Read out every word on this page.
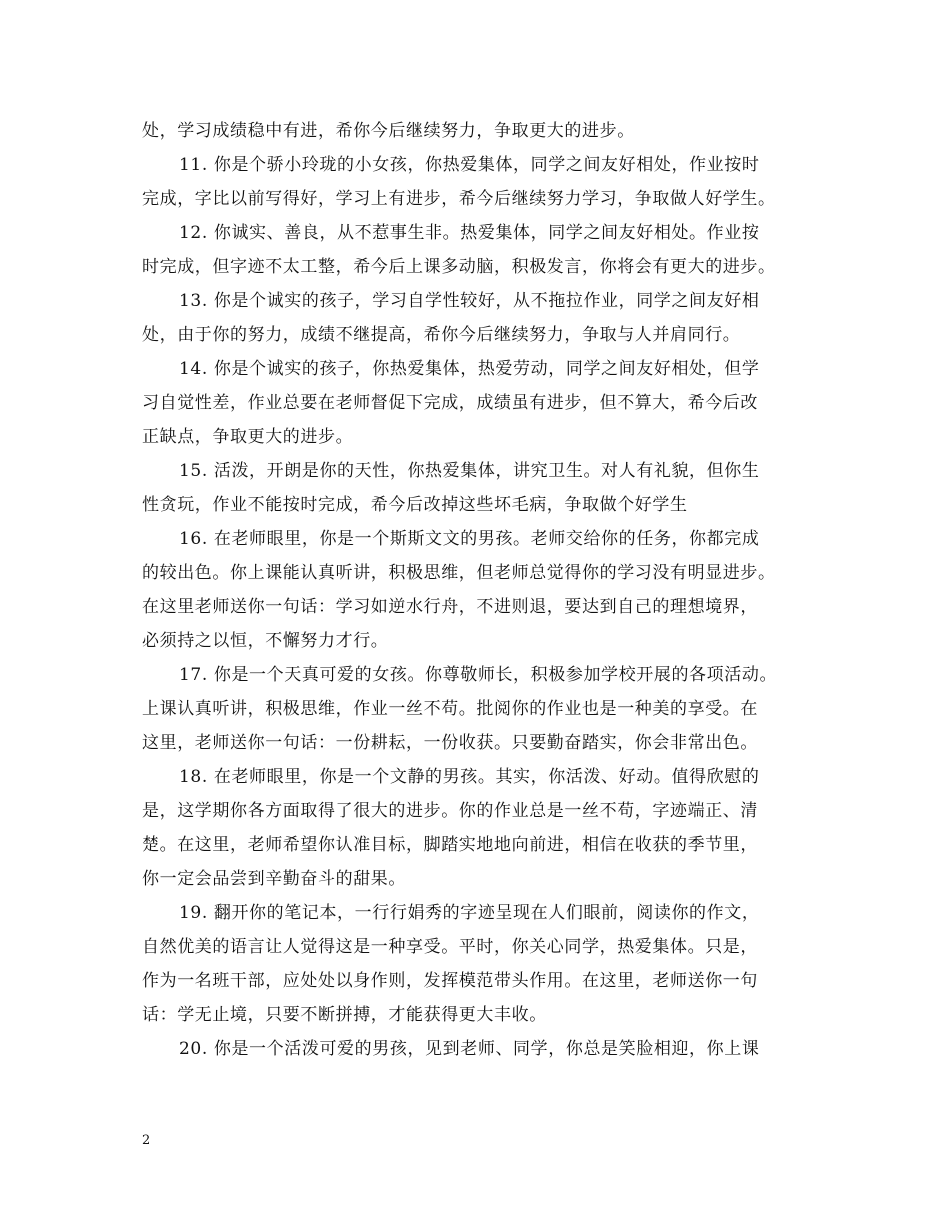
处，学习成绩稳中有进，希你今后继续努力，争取更大的进步。
11. 你是个骄小玲珑的小女孩，你热爱集体，同学之间友好相处，作业按时
完成，字比以前写得好，学习上有进步，希今后继续努力学习，争取做人好学生。
12. 你诚实、善良，从不惹事生非。热爱集体，同学之间友好相处。作业按
时完成，但字迹不太工整，希今后上课多动脑，积极发言，你将会有更大的进步。
13. 你是个诚实的孩子，学习自学性较好，从不拖拉作业，同学之间友好相
处，由于你的努力，成绩不继提高，希你今后继续努力，争取与人并肩同行。
14. 你是个诚实的孩子，你热爱集体，热爱劳动，同学之间友好相处，但学
习自觉性差，作业总要在老师督促下完成，成绩虽有进步，但不算大，希今后改
正缺点，争取更大的进步。
15. 活泼，开朗是你的天性，你热爱集体，讲究卫生。对人有礼貌，但你生
性贪玩，作业不能按时完成，希今后改掉这些坏毛病，争取做个好学生
16. 在老师眼里，你是一个斯斯文文的男孩。老师交给你的任务，你都完成
的较出色。你上课能认真听讲，积极思维，但老师总觉得你的学习没有明显进步。
在这里老师送你一句话：学习如逆水行舟，不进则退，要达到自己的理想境界，
必须持之以恒，不懈努力才行。
17. 你是一个天真可爱的女孩。你尊敬师长，积极参加学校开展的各项活动。
上课认真听讲，积极思维，作业一丝不苟。批阅你的作业也是一种美的享受。在
这里，老师送你一句话：一份耕耘，一份收获。只要勤奋踏实，你会非常出色。
18. 在老师眼里，你是一个文静的男孩。其实，你活泼、好动。值得欣慰的
是，这学期你各方面取得了很大的进步。你的作业总是一丝不苟，字迹端正、清
楚。在这里，老师希望你认准目标，脚踏实地地向前进，相信在收获的季节里，
你一定会品尝到辛勤奋斗的甜果。
19. 翻开你的笔记本，一行行娟秀的字迹呈现在人们眼前，阅读你的作文，
自然优美的语言让人觉得这是一种享受。平时，你关心同学，热爱集体。只是，
作为一名班干部，应处处以身作则，发挥模范带头作用。在这里，老师送你一句
话：学无止境，只要不断拼搏，才能获得更大丰收。
20. 你是一个活泼可爱的男孩，见到老师、同学，你总是笑脸相迎，你上课
2
